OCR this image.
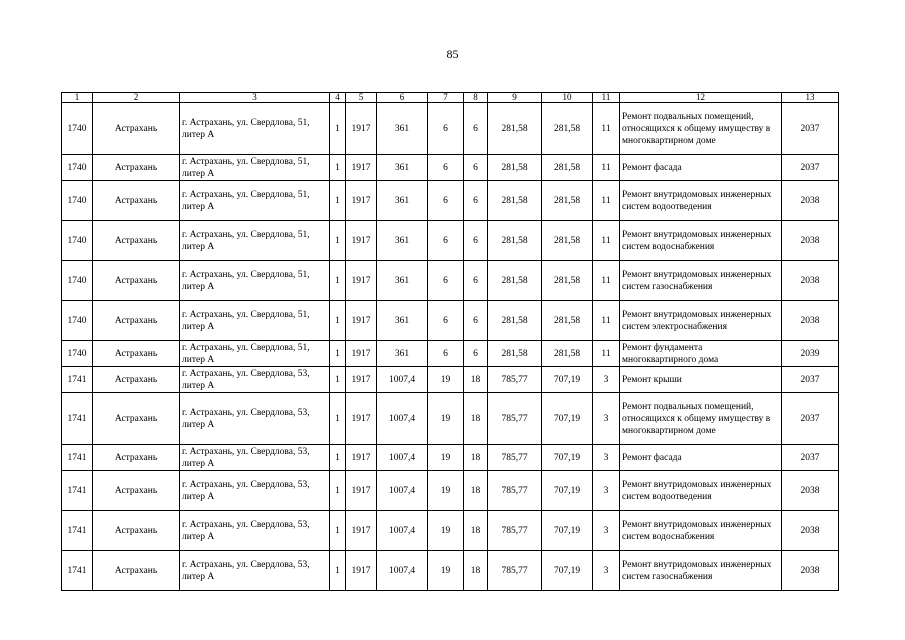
85
1	2	3	4	5	6	7	8	9	10	11	12	13
1740	Астрахань	г. Астрахань, ул. Свердлова, 51, литер А	1	1917	361	6	6	281,58	281,58	11	Ремонт подвальных помещений, относящихся к общему имуществу в многоквартирном доме	2037
1740	Астрахань	г. Астрахань, ул. Свердлова, 51, литер А	1	1917	361	6	6	281,58	281,58	11	Ремонт фасада	2037
1740	Астрахань	г. Астрахань, ул. Свердлова, 51, литер А	1	1917	361	6	6	281,58	281,58	11	Ремонт внутридомовых инженерных систем водоотведения	2038
1740	Астрахань	г. Астрахань, ул. Свердлова, 51, литер А	1	1917	361	6	6	281,58	281,58	11	Ремонт внутридомовых инженерных систем водоснабжения	2038
1740	Астрахань	г. Астрахань, ул. Свердлова, 51, литер А	1	1917	361	6	6	281,58	281,58	11	Ремонт внутридомовых инженерных систем газоснабжения	2038
1740	Астрахань	г. Астрахань, ул. Свердлова, 51, литер А	1	1917	361	6	6	281,58	281,58	11	Ремонт внутридомовых инженерных систем электроснабжения	2038
1740	Астрахань	г. Астрахань, ул. Свердлова, 51, литер А	1	1917	361	6	6	281,58	281,58	11	Ремонт фундамента многоквартирного дома	2039
1741	Астрахань	г. Астрахань, ул. Свердлова, 53, литер А	1	1917	1007,4	19	18	785,77	707,19	3	Ремонт крыши	2037
1741	Астрахань	г. Астрахань, ул. Свердлова, 53, литер А	1	1917	1007,4	19	18	785,77	707,19	3	Ремонт подвальных помещений, относящихся к общему имуществу в многоквартирном доме	2037
1741	Астрахань	г. Астрахань, ул. Свердлова, 53, литер А	1	1917	1007,4	19	18	785,77	707,19	3	Ремонт фасада	2037
1741	Астрахань	г. Астрахань, ул. Свердлова, 53, литер А	1	1917	1007,4	19	18	785,77	707,19	3	Ремонт внутридомовых инженерных систем водоотведения	2038
1741	Астрахань	г. Астрахань, ул. Свердлова, 53, литер А	1	1917	1007,4	19	18	785,77	707,19	3	Ремонт внутридомовых инженерных систем водоснабжения	2038
1741	Астрахань	г. Астрахань, ул. Свердлова, 53, литер А	1	1917	1007,4	19	18	785,77	707,19	3	Ремонт внутридомовых инженерных систем газоснабжения	2038
